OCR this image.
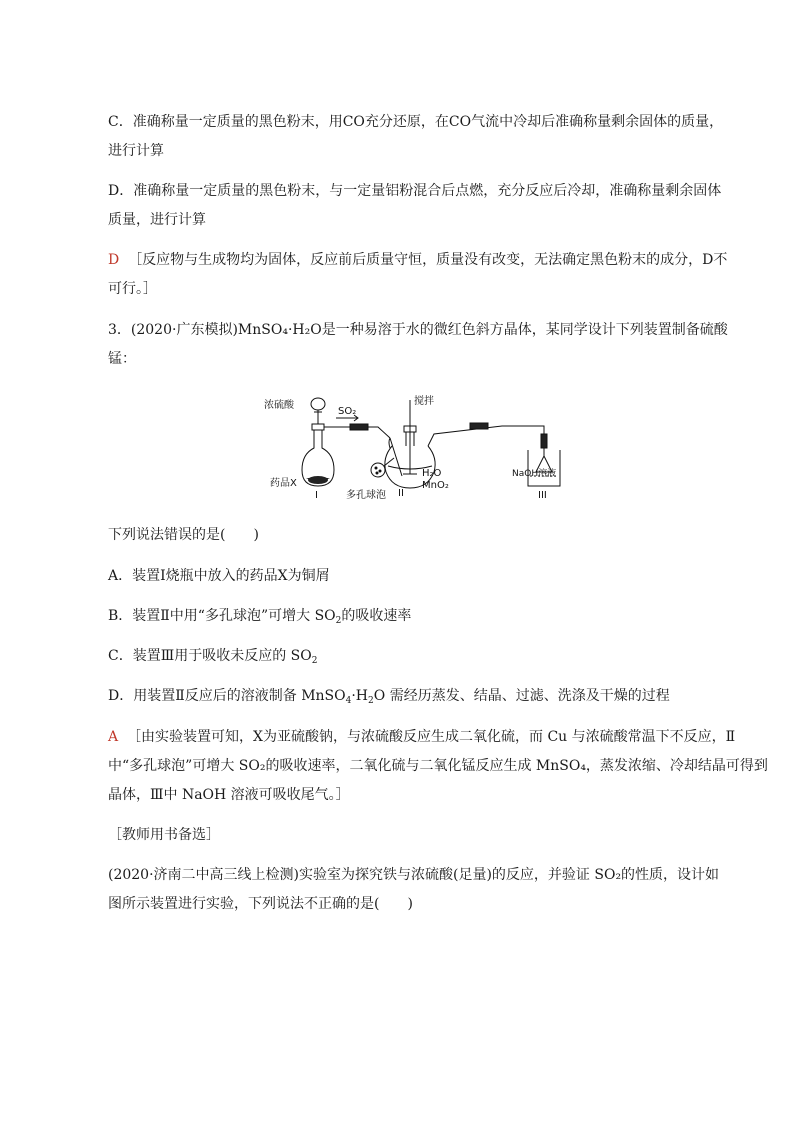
C．准确称量一定质量的黑色粉末，用CO充分还原，在CO气流中冷却后准确称量剩余固体的质量，
进行计算
D．准确称量一定质量的黑色粉末，与一定量铝粉混合后点燃，充分反应后冷却，准确称量剩余固体
质量，进行计算
D ［反应物与生成物均为固体，反应前后质量守恒，质量没有改变，无法确定黑色粉末的成分，D不
可行。］
3．(2020·广东模拟)MnSO₄·H₂O是一种易溶于水的微红色斜方晶体，某同学设计下列装置制备硫酸
锰：
浓硫酸
SO₂
搅拌
药品X
I	多孔球泡 II
H₂O
MnO₂
NaOH溶液
III
下列说法错误的是(　　)
A．装置Ⅰ烧瓶中放入的药品X为铜屑
B．装置Ⅱ中用“多孔球泡”可增大 $SO_2$的吸收速率
C．装置Ⅲ用于吸收未反应的 $SO_2$
D．用装置Ⅱ反应后的溶液制备 $MnSO_4\cdot H_2O$ 需经历蒸发、结晶、过滤、洗涤及干燥的过程
A ［由实验装置可知，X为亚硫酸钠，与浓硫酸反应生成二氧化硫，而 Cu 与浓硫酸常温下不反应，Ⅱ
中“多孔球泡”可增大 SO₂的吸收速率，二氧化硫与二氧化锰反应生成 MnSO₄，蒸发浓缩、冷却结晶可得到
晶体，Ⅲ中 NaOH 溶液可吸收尾气。］
［教师用书备选］
(2020·济南二中高三线上检测)实验室为探究铁与浓硫酸(足量)的反应，并验证 SO₂的性质，设计如
图所示装置进行实验，下列说法不正确的是(　　)
